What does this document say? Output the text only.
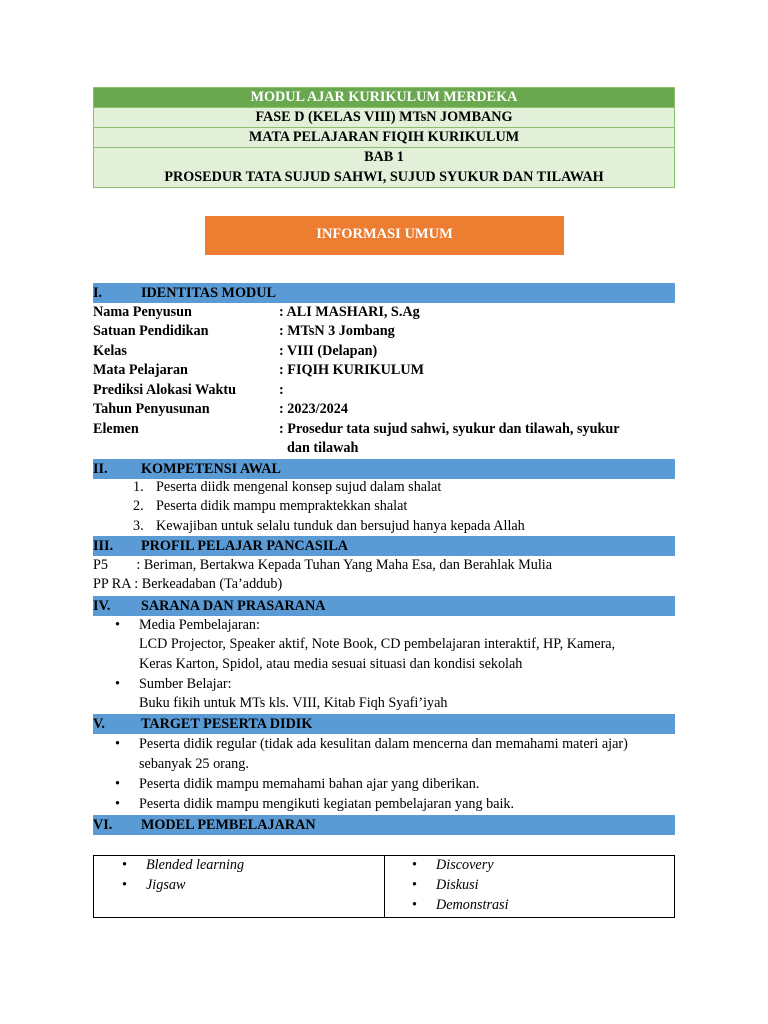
MODUL AJAR KURIKULUM MERDEKA
FASE D (KELAS VIII) MTsN JOMBANG
MATA PELAJARAN FIQIH KURIKULUM
BAB 1
PROSEDUR TATA SUJUD SAHWI, SUJUD SYUKUR DAN TILAWAH
INFORMASI UMUM
I.	IDENTITAS MODUL
Nama Penyusun	: ALI MASHARI, S.Ag
Satuan Pendidikan	: MTsN 3 Jombang
Kelas	: VIII (Delapan)
Mata Pelajaran	: FIQIH KURIKULUM
Prediksi Alokasi Waktu	:
Tahun Penyusunan	: 2023/2024
Elemen	: Prosedur tata sujud sahwi, syukur dan tilawah, syukur
dan tilawah
II. KOMPETENSI AWAL
1. Peserta diidk mengenal konsep sujud dalam shalat
2. Peserta didik mampu mempraktekkan shalat
3. Kewajiban untuk selalu tunduk dan bersujud hanya kepada Allah
III. PROFIL PELAJAR PANCASILA
P5        : Beriman, Bertakwa Kepada Tuhan Yang Maha Esa, dan Berahlak Mulia
PP RA : Berkeadaban (Ta’addub)
IV. SARANA DAN PRASARANA
• Media Pembelajaran:
LCD Projector, Speaker aktif, Note Book, CD pembelajaran interaktif, HP, Kamera,
Keras Karton, Spidol, atau media sesuai situasi dan kondisi sekolah
• Sumber Belajar:
Buku fikih untuk MTs kls. VIII, Kitab Fiqh Syafi’iyah
V.	TARGET PESERTA DIDIK
• Peserta didik regular (tidak ada kesulitan dalam mencerna dan memahami materi ajar)
sebanyak 25 orang.
• Peserta didik mampu memahami bahan ajar yang diberikan.
• Peserta didik mampu mengikuti kegiatan pembelajaran yang baik.
VI. MODEL PEMBELAJARAN
• Blended learning
• Jigsaw
• Discovery
• Diskusi
• Demonstrasi
